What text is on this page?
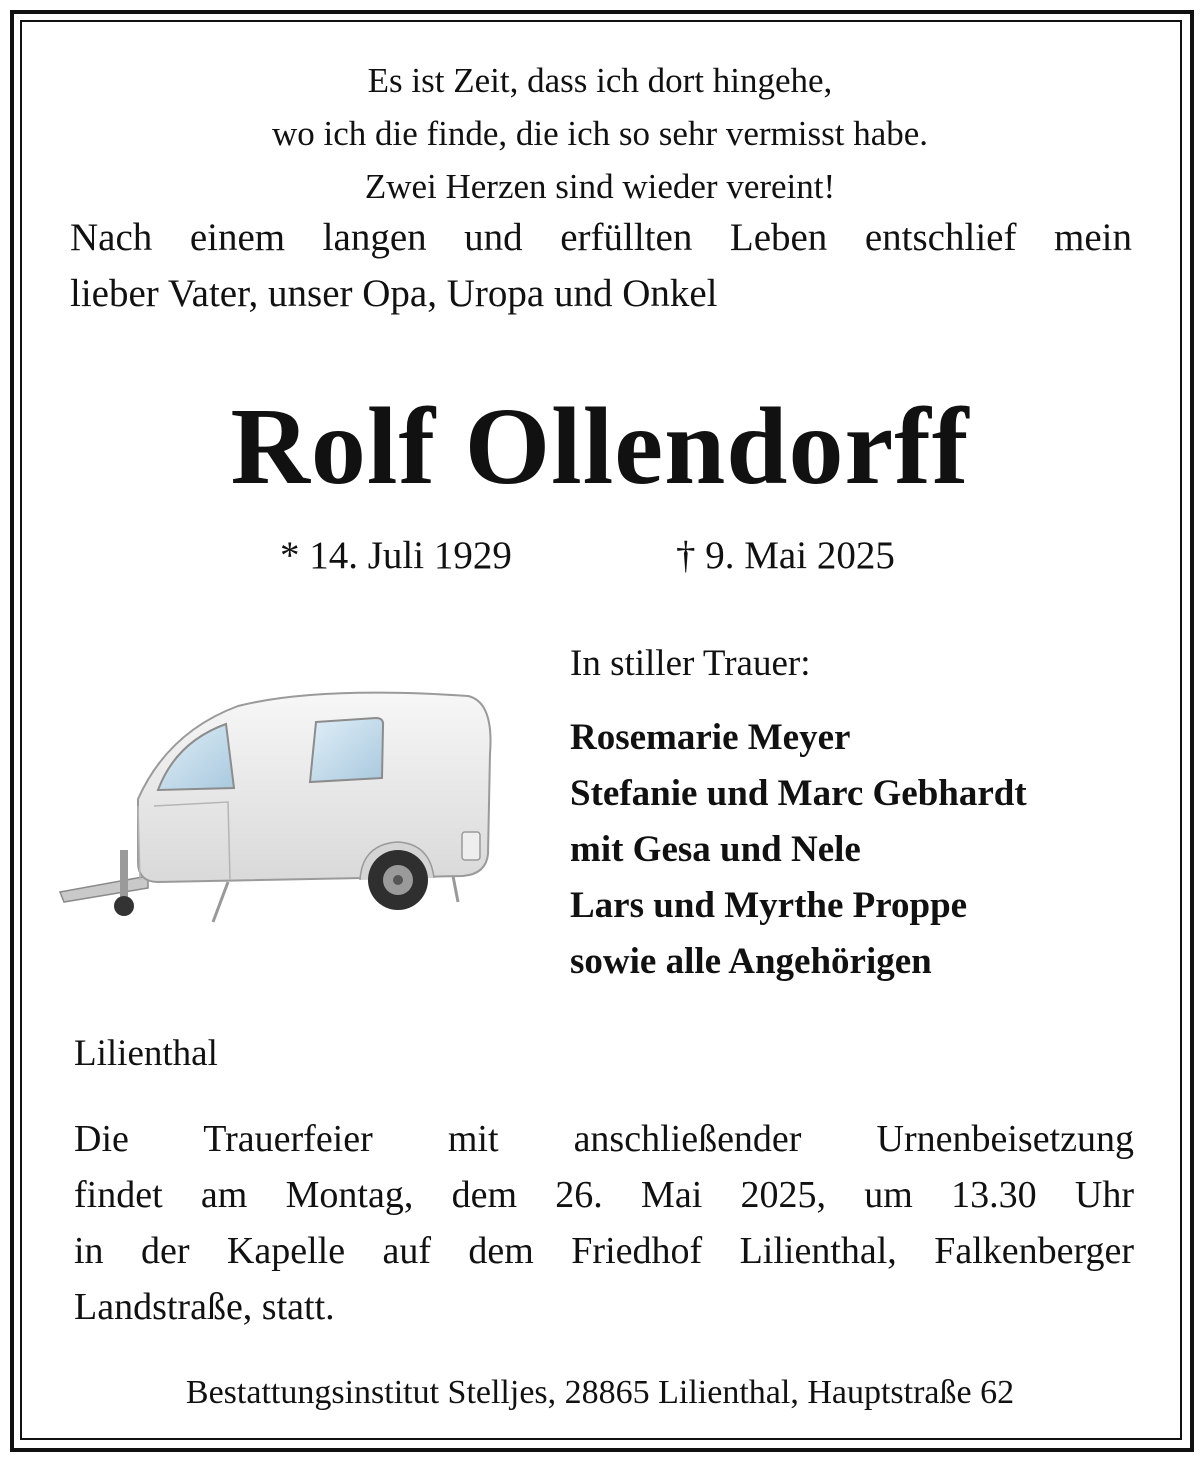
Es ist Zeit, dass ich dort hingehe,
wo ich die finde, die ich so sehr vermisst habe.
Zwei Herzen sind wieder vereint!
Nach einem langen und erfüllten Leben entschlief mein
lieber Vater, unser Opa, Uropa und Onkel
Rolf Ollendorff
* 14. Juli 1929	† 9. Mai 2025
In stiller Trauer:
Rosemarie Meyer
Stefanie und Marc Gebhardt
mit Gesa und Nele
Lars und Myrthe Proppe
sowie alle Angehörigen
Lilienthal
Die Trauerfeier mit anschließender Urnenbeisetzung
findet am Montag, dem 26. Mai 2025, um 13.30 Uhr
in der Kapelle auf dem Friedhof Lilienthal, Falkenberger
Landstraße, statt.
Bestattungsinstitut Stelljes, 28865 Lilienthal, Hauptstraße 62
